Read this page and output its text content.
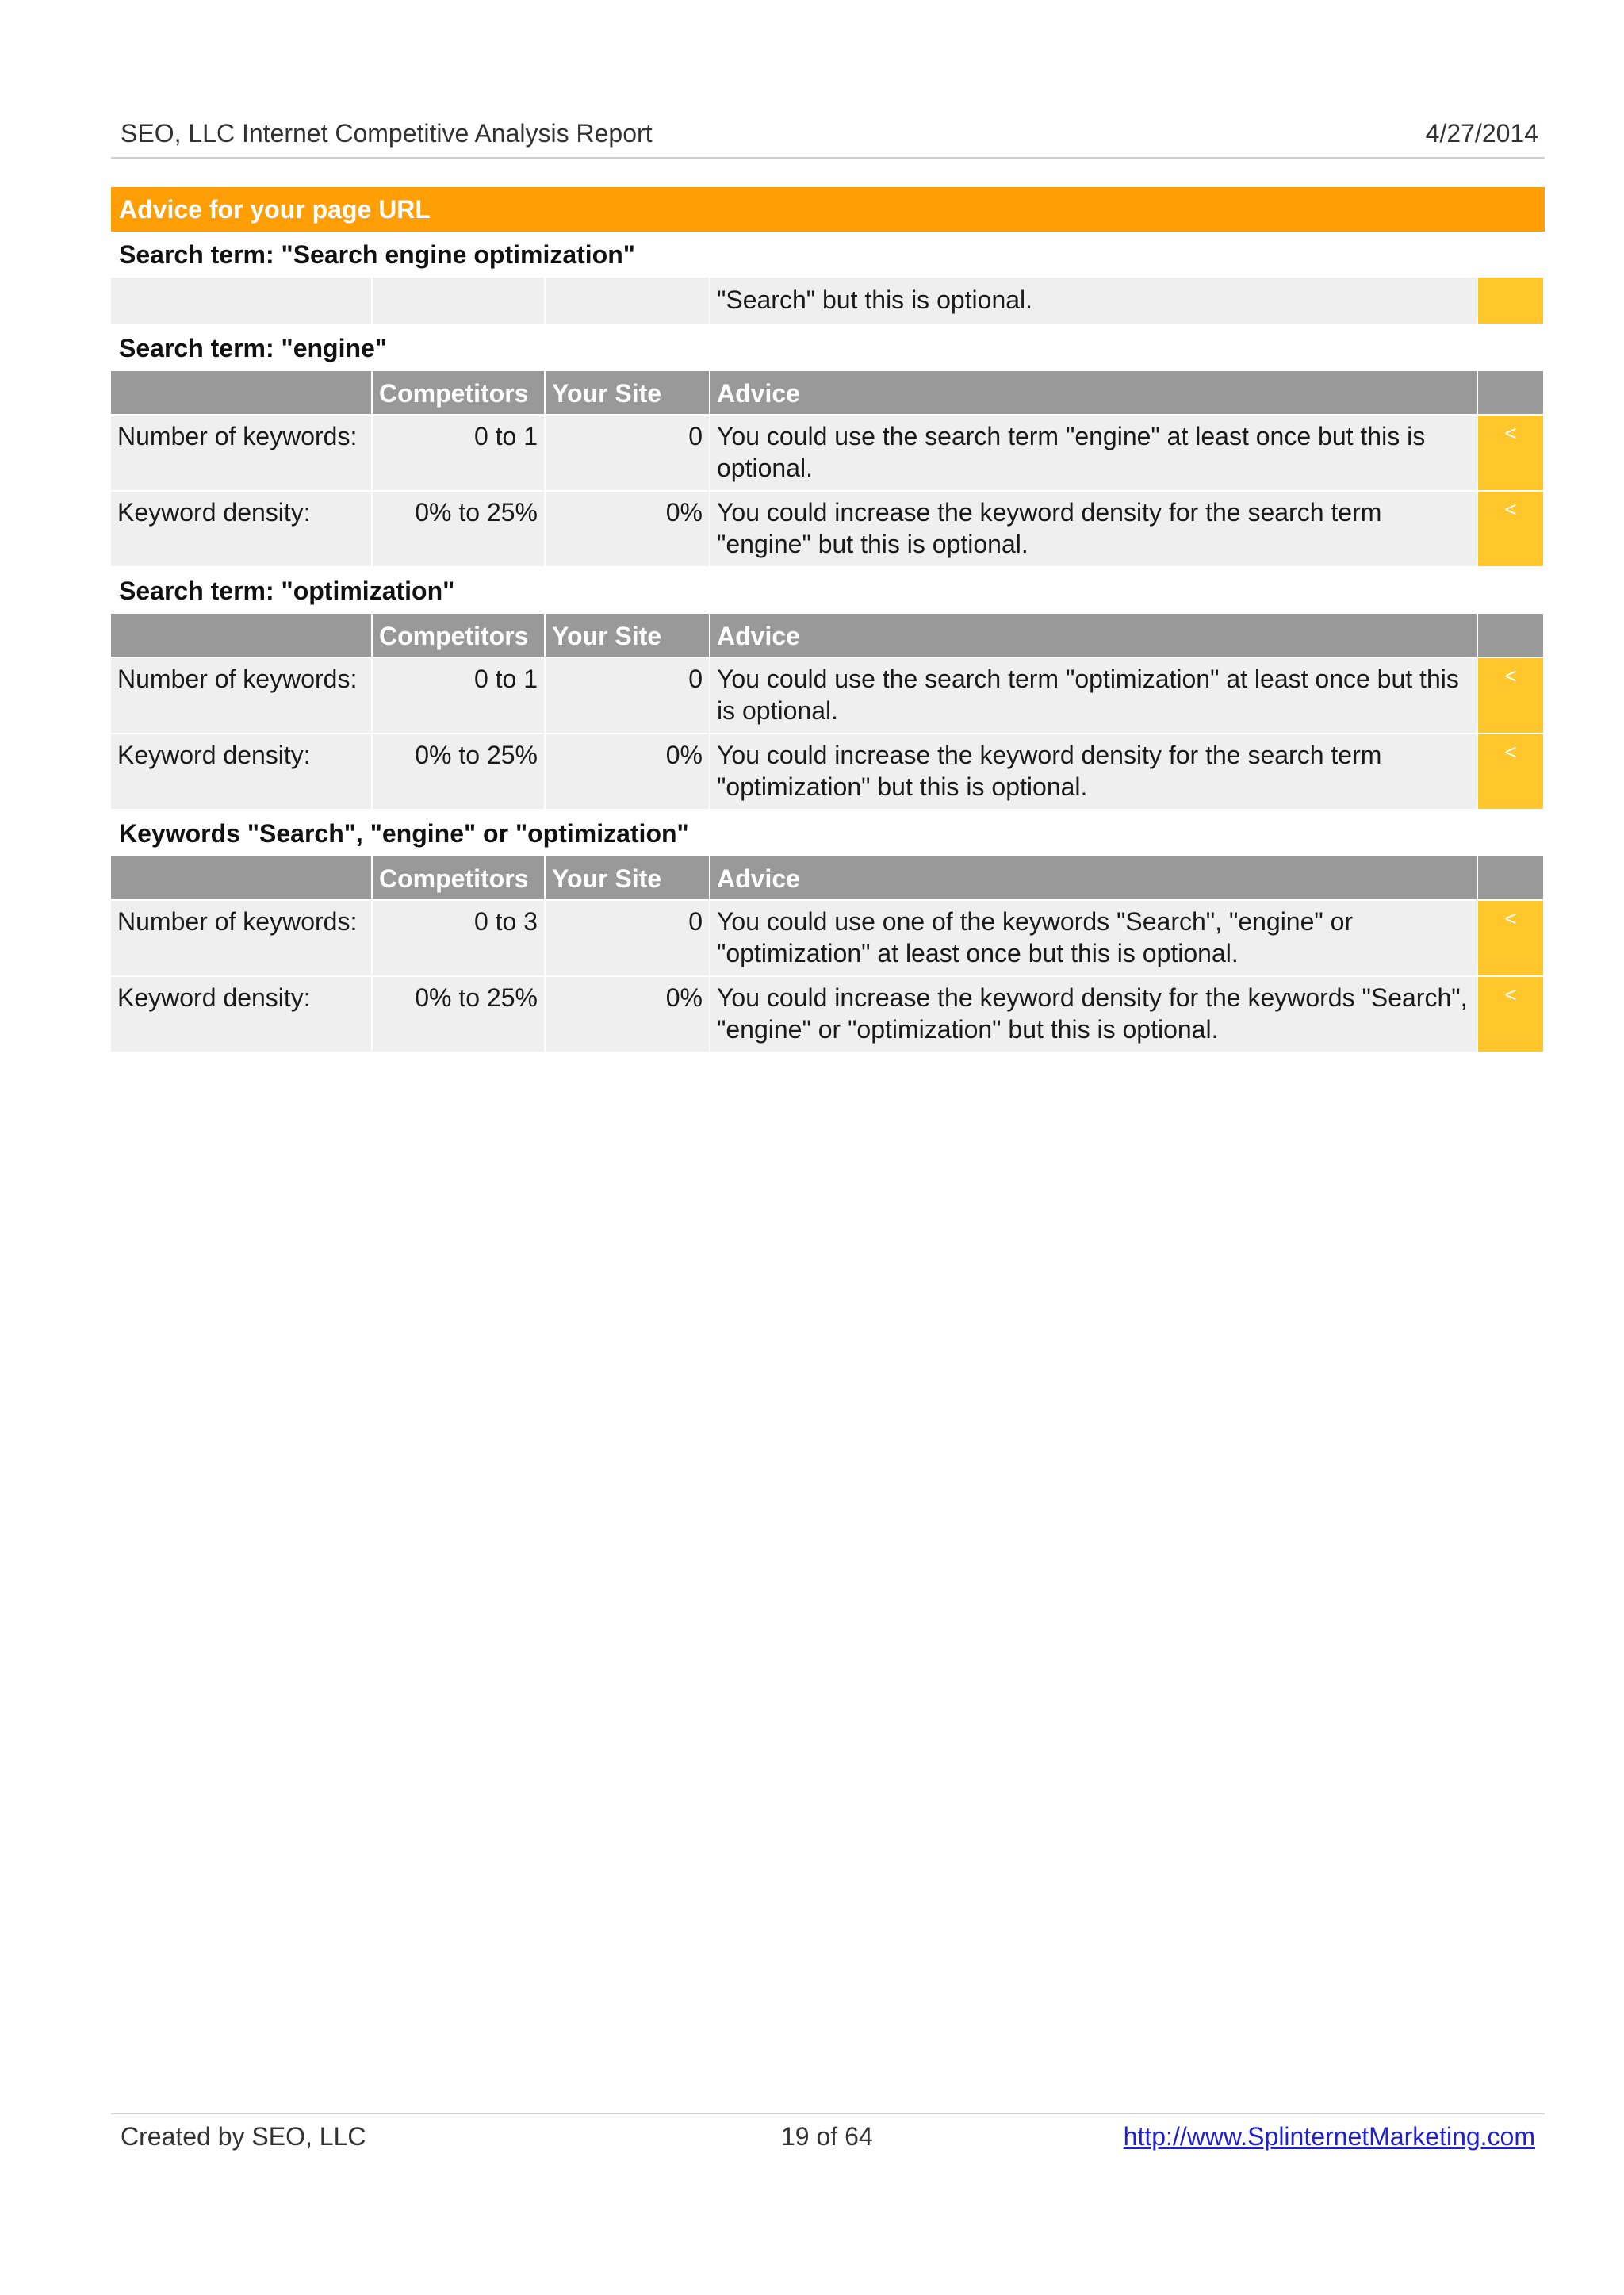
SEO, LLC Internet Competitive Analysis Report	4/27/2014
Advice for your page URL
Search term: "Search engine optimization"
			"Search" but this is optional.	
Search term: "engine"
	Competitors	Your Site	Advice	
Number of keywords:	0 to 1	0	You could use the search term "engine" at least once but this is optional.	<
Keyword density:	0% to 25%	0%	You could increase the keyword density for the search term "engine" but this is optional.	<
Search term: "optimization"
	Competitors	Your Site	Advice	
Number of keywords:	0 to 1	0	You could use the search term "optimization" at least once but this is optional.	<
Keyword density:	0% to 25%	0%	You could increase the keyword density for the search term "optimization" but this is optional.	<
Keywords "Search", "engine" or "optimization"
	Competitors	Your Site	Advice	
Number of keywords:	0 to 3	0	You could use one of the keywords "Search", "engine" or "optimization" at least once but this is optional.	<
Keyword density:	0% to 25%	0%	You could increase the keyword density for the keywords "Search", "engine" or "optimization" but this is optional.	<
Created by SEO, LLC	19 of 64	http://www.SplinternetMarketing.com
